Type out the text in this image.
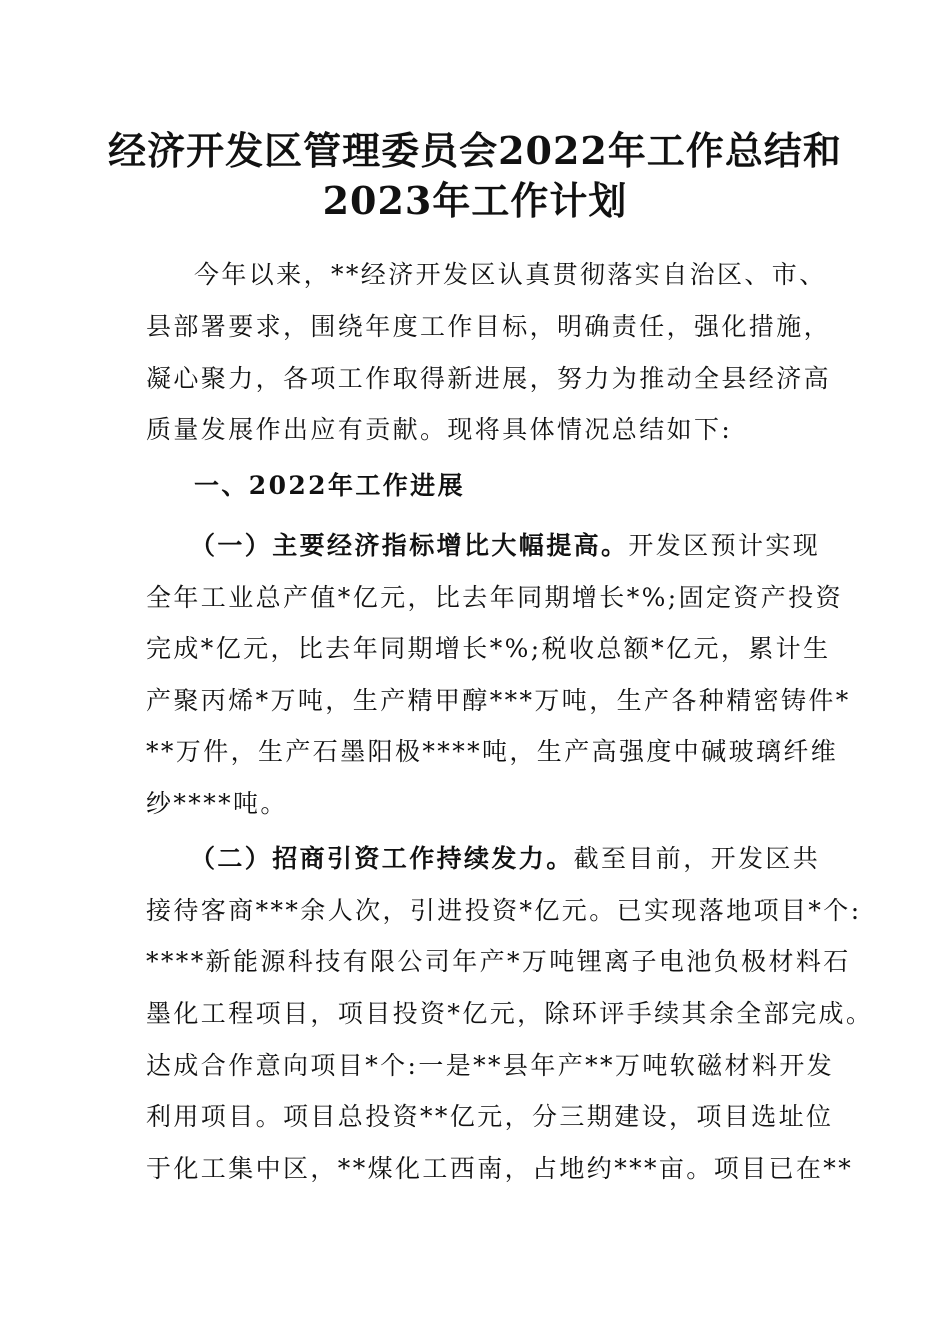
经济开发区管理委员会2022年工作总结和
2023年工作计划
今年以来，**经济开发区认真贯彻落实自治区、市、
县部署要求，围绕年度工作目标，明确责任，强化措施，
凝心聚力，各项工作取得新进展，努力为推动全县经济高
质量发展作出应有贡献。现将具体情况总结如下:
一、2022年工作进展
（一）主要经济指标增比大幅提高。开发区预计实现
全年工业总产值*亿元，比去年同期增长*%;固定资产投资
完成*亿元，比去年同期增长*%;税收总额*亿元，累计生
产聚丙烯*万吨，生产精甲醇***万吨，生产各种精密铸件*
**万件，生产石墨阳极****吨，生产高强度中碱玻璃纤维
纱****吨。
（二）招商引资工作持续发力。截至目前，开发区共
接待客商***余人次，引进投资*亿元。已实现落地项目*个:
****新能源科技有限公司年产*万吨锂离子电池负极材料石
墨化工程项目，项目投资*亿元，除环评手续其余全部完成。
达成合作意向项目*个:一是**县年产**万吨软磁材料开发
利用项目。项目总投资**亿元，分三期建设，项目选址位
于化工集中区，**煤化工西南，占地约***亩。项目已在**
